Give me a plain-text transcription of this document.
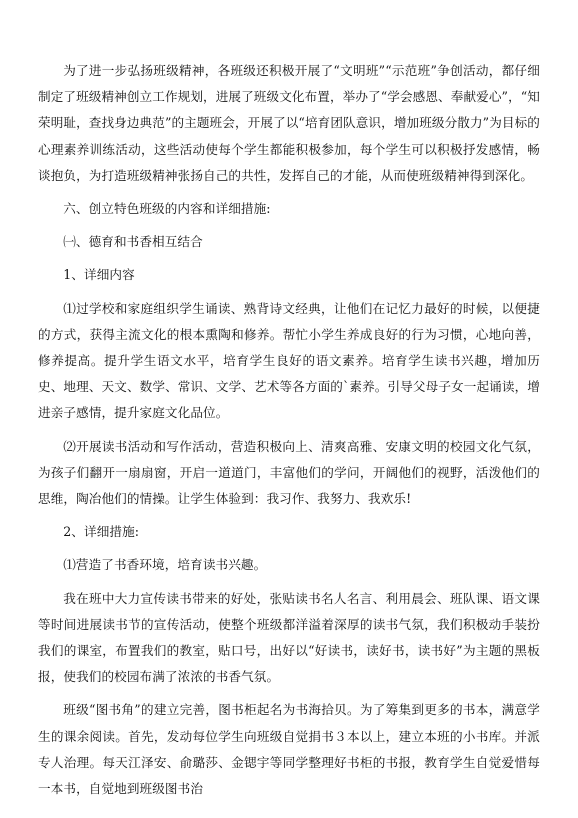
为了进一步弘扬班级精神，各班级还积极开展了“文明班”“示范班”争创活动，都仔细制定了班级精神创立工作规划，进展了班级文化布置，举办了“学会感恩、奉献爱心”，“知荣明耻，查找身边典范”的主题班会，开展了以“培育团队意识，增加班级分散力”为目标的心理素养训练活动，这些活动使每个学生都能积极参加，每个学生可以积极抒发感情，畅谈抱负，为打造班级精神张扬自己的共性，发挥自己的才能，从而使班级精神得到深化。

六、创立特色班级的内容和详细措施:

㈠、德育和书香相互结合

1、详细内容

⑴过学校和家庭组织学生诵读、熟背诗文经典，让他们在记忆力最好的时候，以便捷的方式，获得主流文化的根本熏陶和修养。帮忙小学生养成良好的行为习惯，心地向善，修养提高。提升学生语文水平，培育学生良好的语文素养。培育学生读书兴趣，增加历史、地理、天文、数学、常识、文学、艺术等各方面的`素养。引导父母子女一起诵读，增进亲子感情，提升家庭文化品位。

⑵开展读书活动和写作活动，营造积极向上、清爽高雅、安康文明的校园文化气氛，为孩子们翻开一扇扇窗，开启一道道门，丰富他们的学问，开阔他们的视野，活泼他们的思维，陶冶他们的情操。让学生体验到：我习作、我努力、我欢乐!

2、详细措施:

⑴营造了书香环境，培育读书兴趣。

我在班中大力宣传读书带来的好处，张贴读书名人名言、利用晨会、班队课、语文课等时间进展读书节的宣传活动，使整个班级都洋溢着深厚的读书气氛，我们积极动手装扮我们的课室，布置我们的教室，贴口号，出好以“好读书，读好书，读书好”为主题的黑板报，使我们的校园布满了浓浓的书香气氛。

班级“图书角”的建立完善，图书柜起名为书海拾贝。为了筹集到更多的书本，满意学生的课余阅读。首先，发动每位学生向班级自觉捐书３本以上，建立本班的小书库。并派专人治理。每天江泽安、俞璐莎、金锶宇等同学整理好书柜的书报，教育学生自觉爱惜每一本书，自觉地到班级图书治
